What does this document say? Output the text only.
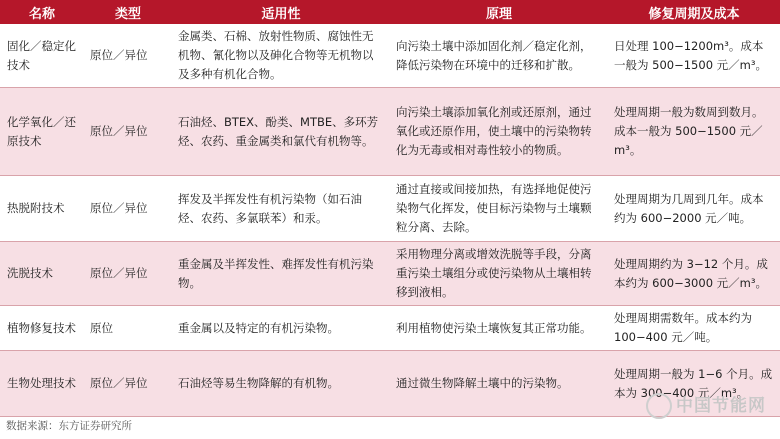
名称	类型	适用性	原理	修复周期及成本
固化／稳定化技术	原位／异位	金属类、石棉、放射性物质、腐蚀性无机物、氰化物以及砷化合物等无机物以及多种有机化合物。	向污染土壤中添加固化剂／稳定化剂，降低污染物在环境中的迁移和扩散。	日处理 100−1200m³。成本一般为 500−1500 元／m³。
化学氧化／还原技术	原位／异位	石油烃、BTEX、酚类、MTBE、多环芳烃、农药、重金属类和氯代有机物等。	向污染土壤添加氧化剂或还原剂，通过氧化或还原作用，使土壤中的污染物转化为无毒或相对毒性较小的物质。	处理周期一般为数周到数月。成本一般为 500−1500 元／m³。
热脱附技术	原位／异位	挥发及半挥发性有机污染物（如石油烃、农药、多氯联苯）和汞。	通过直接或间接加热，有选择地促使污染物气化挥发，使目标污染物与土壤颗粒分离、去除。	处理周期为几周到几年。成本约为 600−2000 元／吨。
洗脱技术	原位／异位	重金属及半挥发性、难挥发性有机污染物。	采用物理分离或增效洗脱等手段，分离重污染土壤组分或使污染物从土壤相转移到液相。	处理周期约为 3−12 个月。成本约为 600−3000 元／m³。
植物修复技术	原位	重金属以及特定的有机污染物。	利用植物使污染土壤恢复其正常功能。	处理周期需数年。成本约为 100−400 元／吨。
生物处理技术	原位／异位	石油烃等易生物降解的有机物。	通过微生物降解土壤中的污染物。	处理周期一般为 1−6 个月。成本为 300−400 元／m³。
中国节能网
数据来源：东方证券研究所
